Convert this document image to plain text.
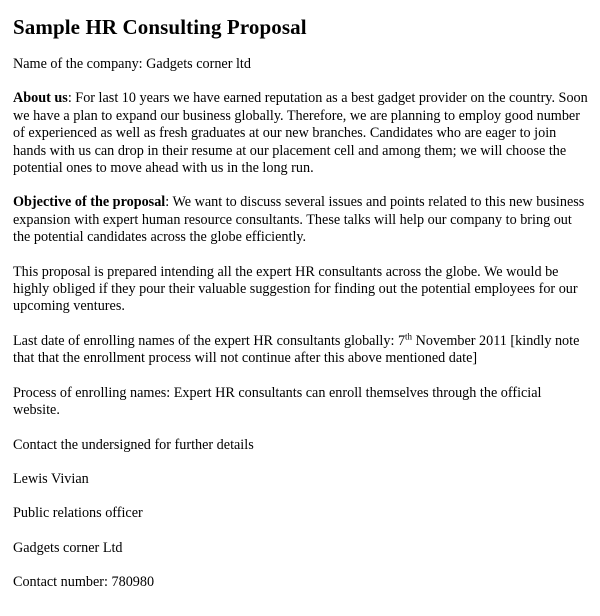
Sample HR Consulting Proposal

Name of the company: Gadgets corner ltd

About us: For last 10 years we have earned reputation as a best gadget provider on the country. Soon we have a plan to expand our business globally. Therefore, we are planning to employ good number of experienced as well as fresh graduates at our new branches. Candidates who are eager to join hands with us can drop in their resume at our placement cell and among them; we will choose the potential ones to move ahead with us in the long run.

Objective of the proposal: We want to discuss several issues and points related to this new business expansion with expert human resource consultants. These talks will help our company to bring out the potential candidates across the globe efficiently.

This proposal is prepared intending all the expert HR consultants across the globe. We would be highly obliged if they pour their valuable suggestion for finding out the potential employees for our upcoming ventures.

Last date of enrolling names of the expert HR consultants globally: 7th November 2011 [kindly note that that the enrollment process will not continue after this above mentioned date]

Process of enrolling names: Expert HR consultants can enroll themselves through the official website.

Contact the undersigned for further details

Lewis Vivian

Public relations officer

Gadgets corner Ltd

Contact number: 780980
